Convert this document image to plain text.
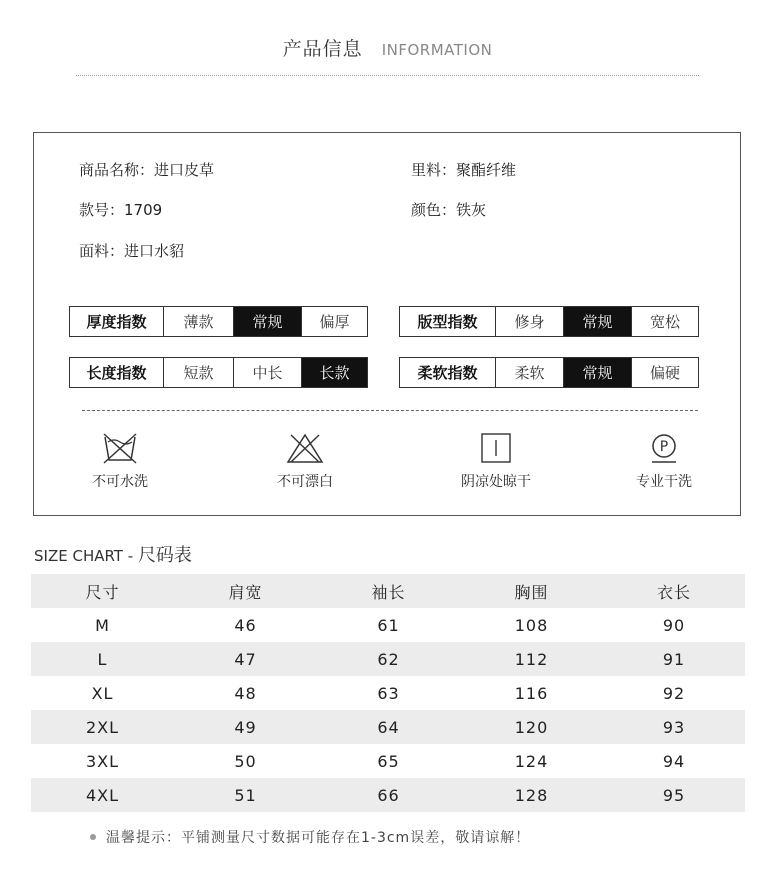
产品信息 INFORMATION
商品名称：进口皮草
款号：1709
面料：进口水貂
里料：聚酯纤维
颜色：铁灰
厚度指数	薄款	常规	偏厚	版型指数	修身	常规	宽松
长度指数	短款	中长	长款	柔软指数	柔软	常规	偏硬
不可水洗	不可漂白	阴凉处晾干
P
专业干洗
SIZE CHART - 尺码表
尺寸	肩宽	袖长	胸围	衣长
M	46	61	108	90
L	47	62	112	91
XL	48	63	116	92
2XL	49	64	120	93
3XL	50	65	124	94
4XL	51	66	128	95
温馨提示：平铺测量尺寸数据可能存在1-3cm误差，敬请谅解！
